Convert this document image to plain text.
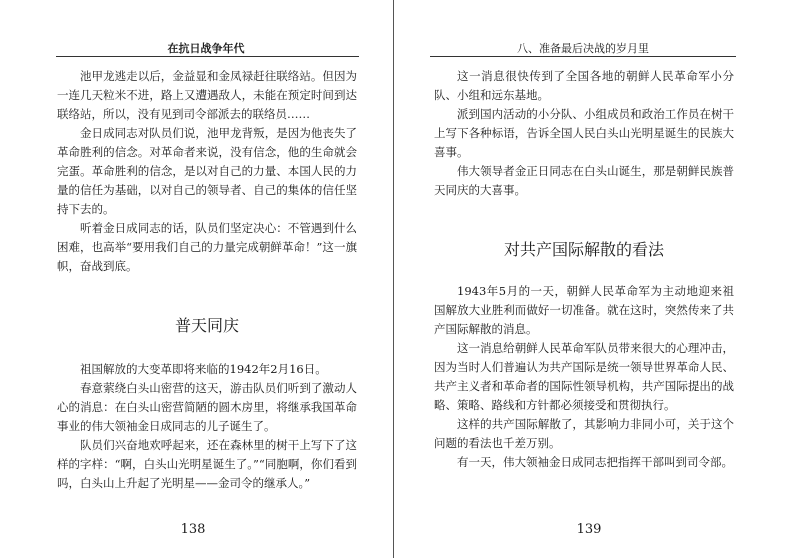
在抗日战争年代

池甲龙逃走以后，金益显和金凤禄赶往联络站。但因为一连几天粒米不进，路上又遭遇敌人，未能在预定时间到达联络站，所以，没有见到司令部派去的联络员……

金日成同志对队员们说，池甲龙背叛，是因为他丧失了革命胜利的信念。对革命者来说，没有信念，他的生命就会完蛋。革命胜利的信念，是以对自己的力量、本国人民的力量的信任为基础，以对自己的领导者、自己的集体的信任坚持下去的。

听着金日成同志的话，队员们坚定决心：不管遇到什么困难，也高举“要用我们自己的力量完成朝鲜革命！”这一旗帜，奋战到底。

普天同庆

祖国解放的大变革即将来临的1942年2月16日。

春意萦绕白头山密营的这天，游击队员们听到了激动人心的消息：在白头山密营简陋的圆木房里，将继承我国革命事业的伟大领袖金日成同志的儿子诞生了。

队员们兴奋地欢呼起来，还在森林里的树干上写下了这样的字样：“啊，白头山光明星诞生了。”“同胞啊，你们看到吗，白头山上升起了光明星——金司令的继承人。”

138
八、准备最后决战的岁月里

这一消息很快传到了全国各地的朝鲜人民革命军小分队、小组和远东基地。

派到国内活动的小分队、小组成员和政治工作员在树干上写下各种标语，告诉全国人民白头山光明星诞生的民族大喜事。

伟大领导者金正日同志在白头山诞生，那是朝鲜民族普天同庆的大喜事。

对共产国际解散的看法

1943年5月的一天，朝鲜人民革命军为主动地迎来祖国解放大业胜利而做好一切准备。就在这时，突然传来了共产国际解散的消息。

这一消息给朝鲜人民革命军队员带来很大的心理冲击，因为当时人们普遍认为共产国际是统一领导世界革命人民、共产主义者和革命者的国际性领导机构，共产国际提出的战略、策略、路线和方针都必须接受和贯彻执行。

这样的共产国际解散了，其影响力非同小可，关于这个问题的看法也千差万别。

有一天，伟大领袖金日成同志把指挥干部叫到司令部。

139
